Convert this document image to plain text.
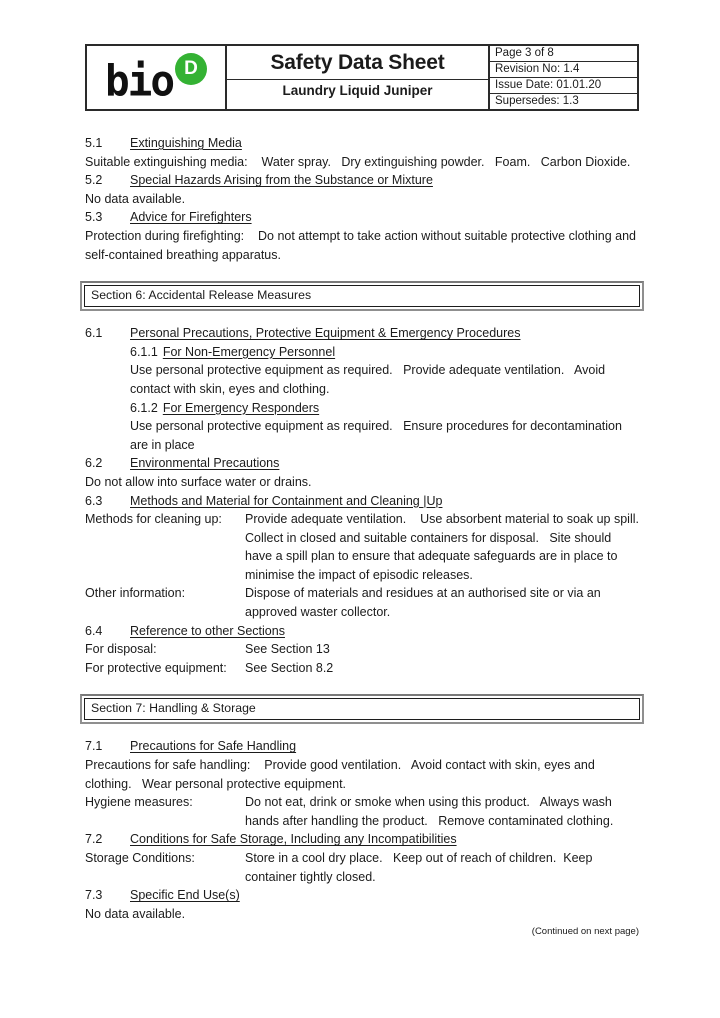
bio D	Safety Data Sheet
Laundry Liquid Juniper
Page 3 of 8
Revision No: 1.4
Issue Date: 01.01.20
Supersedes: 1.3
5.1	Extinguishing Media
Suitable extinguishing media:    Water spray.   Dry extinguishing powder.   Foam.   Carbon Dioxide.
5.2	Special Hazards Arising from the Substance or Mixture
No data available.
5.3	Advice for Firefighters
Protection during firefighting:    Do not attempt to take action without suitable protective clothing and self-contained breathing apparatus.
Section 6: Accidental Release Measures
6.1	Personal Precautions, Protective Equipment & Emergency Procedures
6.1.1 For Non-Emergency Personnel
Use personal protective equipment as required.   Provide adequate ventilation.   Avoid contact with skin, eyes and clothing.
6.1.2 For Emergency Responders
Use personal protective equipment as required.   Ensure procedures for decontamination are in place
6.2	Environmental Precautions
Do not allow into surface water or drains.
6.3	Methods and Material for Containment and Cleaning |Up
Methods for cleaning up:	Provide adequate ventilation.    Use absorbent material to soak up spill.  Collect in closed and suitable containers for disposal.   Site should have a spill plan to ensure that adequate safeguards are in place to minimise the impact of episodic releases.
Other information:	Dispose of materials and residues at an authorised site or via an approved waster collector.
6.4	Reference to other Sections
For disposal:	See Section 13
For protective equipment:	See Section 8.2
Section 7: Handling & Storage
7.1	Precautions for Safe Handling
Precautions for safe handling:    Provide good ventilation.   Avoid contact with skin, eyes and clothing.   Wear personal protective equipment.
Hygiene measures:	Do not eat, drink or smoke when using this product.   Always wash hands after handling the product.   Remove contaminated clothing.
7.2	Conditions for Safe Storage, Including any Incompatibilities
Storage Conditions:	Store in a cool dry place.   Keep out of reach of children.  Keep container tightly closed.
7.3	Specific End Use(s)
No data available.
(Continued on next page)
